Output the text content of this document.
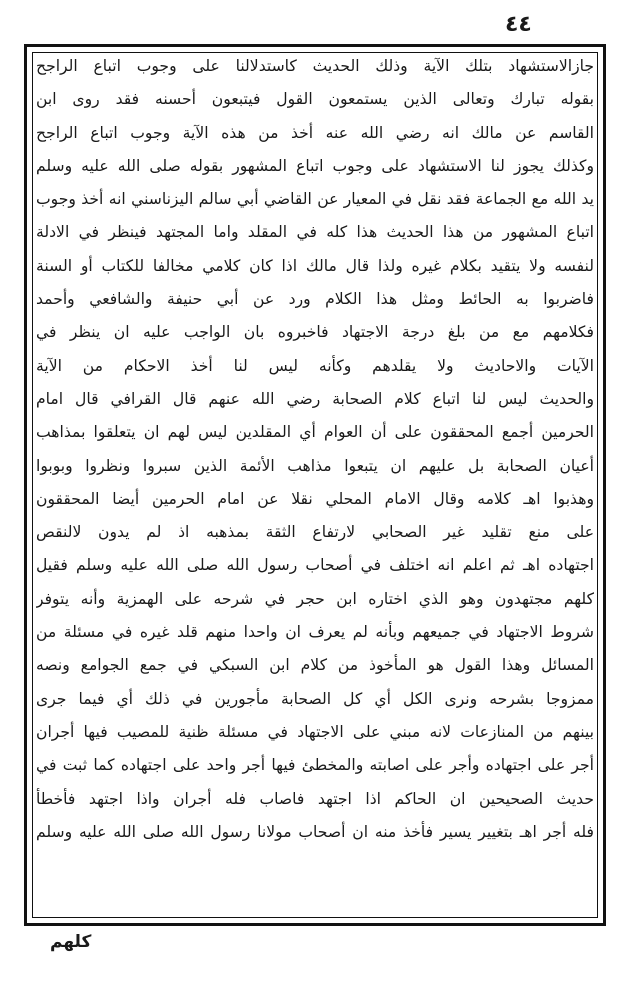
٤٤
جازالاستشهاد بتلك الآية وذلك الحديث كاستدلالنا على وجوب اتباع الراجح
بقوله تبارك وتعالى الذين يستمعون القول فيتبعون أحسنه فقد روى ابن
القاسم عن مالك انه رضي الله عنه أخذ من هذه الآية وجوب اتباع الراجح
وكذلك يجوز لنا الاستشهاد على وجوب اتباع المشهور بقوله صلى الله عليه وسلم
يد الله مع الجماعة فقد نقل في المعيار عن القاضي أبي سالم اليزناسني انه أخذ وجوب
اتباع المشهور من هذا الحديث هذا كله في المقلد واما المجتهد فينظر في الادلة
لنفسه ولا يتقيد بكلام غيره ولذا قال مالك اذا كان كلامي مخالفا للكتاب أو السنة
فاضربوا به الحائط ومثل هذا الكلام ورد عن أبي حنيفة والشافعي وأحمد
فكلامهم مع من بلغ درجة الاجتهاد فاخبروه بان الواجب عليه ان ينظر في
الآيات والاحاديث ولا يقلدهم وكأنه ليس لنا أخذ الاحكام من الآية
والحديث ليس لنا اتباع كلام الصحابة رضي الله عنهم قال القرافي قال امام
الحرمين أجمع المحققون على أن العوام أي المقلدين ليس لهم ان يتعلقوا بمذاهب
أعيان الصحابة بل عليهم ان يتبعوا مذاهب الأئمة الذين سبروا ونظروا وبوبوا
وهذبوا اهـ كلامه وقال الامام المحلي نقلا عن امام الحرمين أيضا المحققون
على منع تقليد غير الصحابي لارتفاع الثقة بمذهبه اذ لم يدون لالنقص
اجتهاده اهـ ثم اعلم انه اختلف في أصحاب رسول الله صلى الله عليه وسلم فقيل
كلهم مجتهدون وهو الذي اختاره ابن حجر في شرحه على الهمزية وأنه يتوفر
شروط الاجتهاد في جميعهم وبأنه لم يعرف ان واحدا منهم قلد غيره في مسئلة من
المسائل وهذا القول هو المأخوذ من كلام ابن السبكي في جمع الجوامع ونصه
ممزوجا بشرحه ونرى الكل أي كل الصحابة مأجورين في ذلك أي فيما جرى
بينهم من المنازعات لانه مبني على الاجتهاد في مسئلة ظنية للمصيب فيها أجران
أجر على اجتهاده وأجر على اصابته والمخطئ فيها أجر واحد على اجتهاده كما ثبت في
حديث الصحيحين ان الحاكم اذا اجتهد فاصاب فله أجران واذا اجتهد فأخطأ
فله أجر اهـ بتغيير يسير فأخذ منه ان أصحاب مولانا رسول الله صلى الله عليه وسلم
كلهم
